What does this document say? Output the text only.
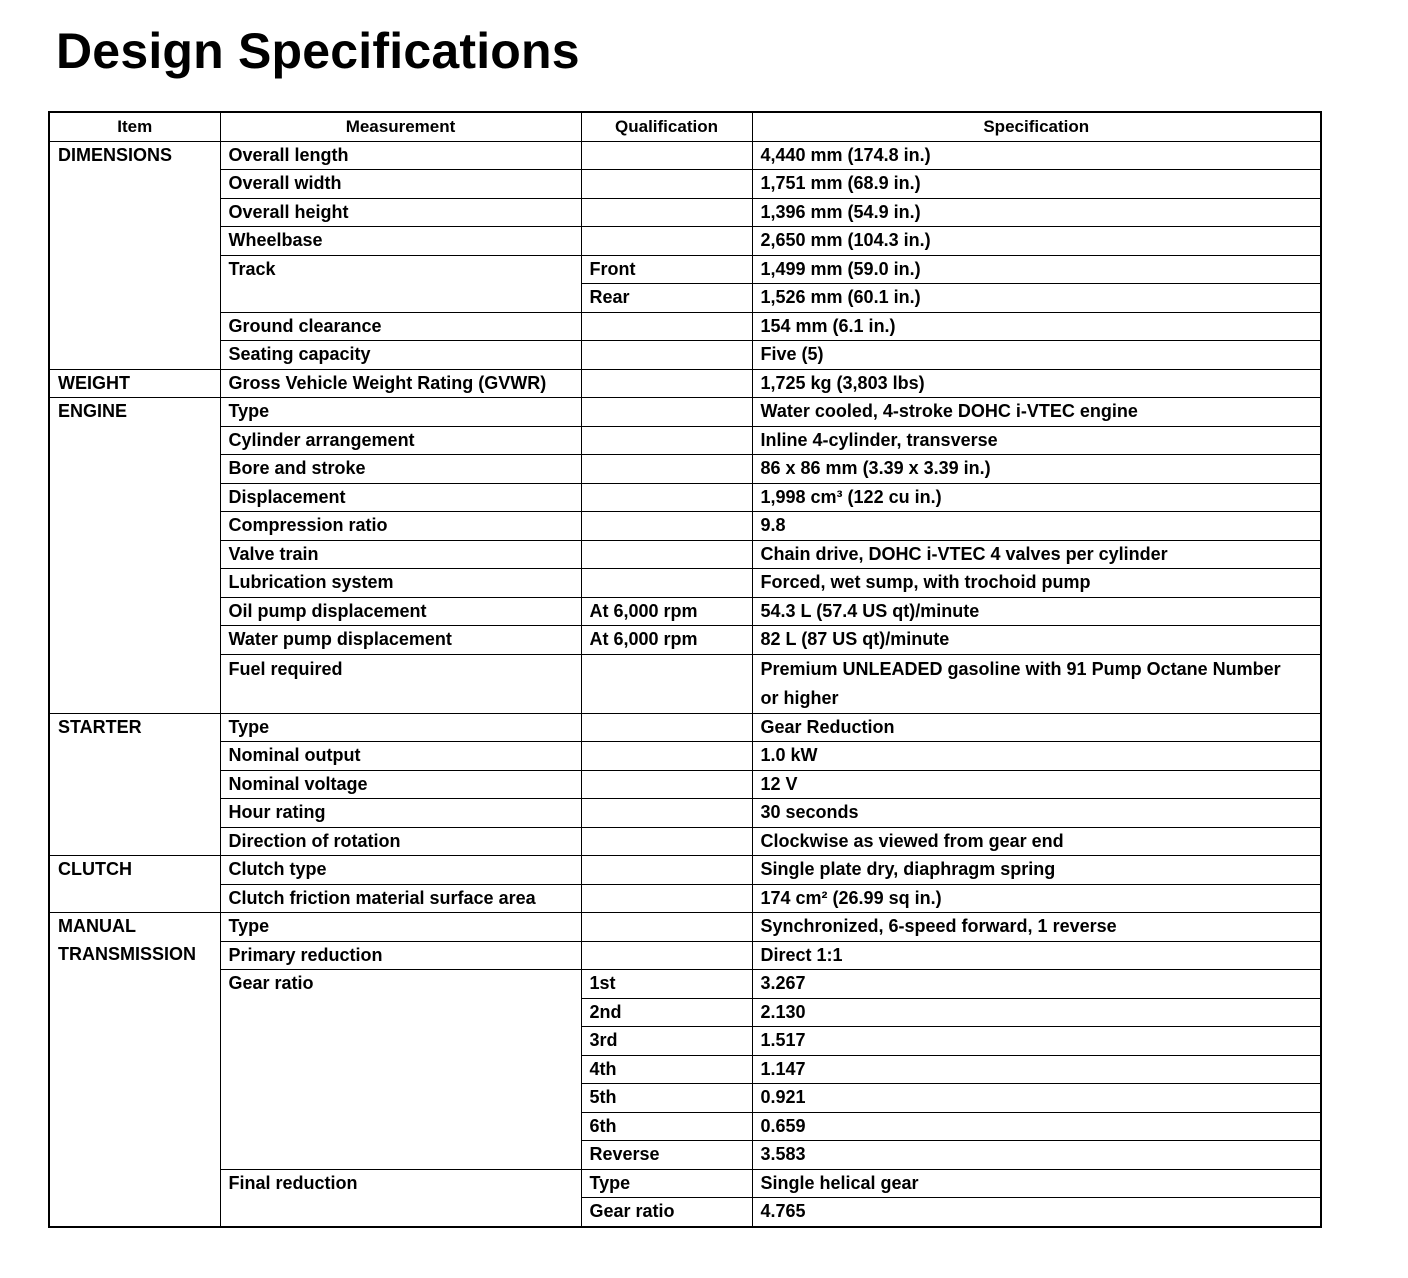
Design Specifications
Item	Measurement	Qualification	Specification
DIMENSIONS	Overall length		4,440 mm (174.8 in.)
	Overall width		1,751 mm (68.9 in.)
	Overall height		1,396 mm (54.9 in.)
	Wheelbase		2,650 mm (104.3 in.)
	Track	Front	1,499 mm (59.0 in.)
		Rear	1,526 mm (60.1 in.)
	Ground clearance		154 mm (6.1 in.)
	Seating capacity		Five (5)
WEIGHT	Gross Vehicle Weight Rating (GVWR)		1,725 kg (3,803 lbs)
ENGINE	Type		Water cooled, 4-stroke DOHC i-VTEC engine
	Cylinder arrangement		Inline 4-cylinder, transverse
	Bore and stroke		86 x 86 mm (3.39 x 3.39 in.)
	Displacement		1,998 cm³ (122 cu in.)
	Compression ratio		9.8
	Valve train		Chain drive, DOHC i-VTEC 4 valves per cylinder
	Lubrication system		Forced, wet sump, with trochoid pump
	Oil pump displacement	At 6,000 rpm	54.3 L (57.4 US qt)/minute
	Water pump displacement	At 6,000 rpm	82 L (87 US qt)/minute
	Fuel required		Premium UNLEADED gasoline with 91 Pump Octane Number
or higher

STARTER	Type		Gear Reduction
	Nominal output		1.0 kW
	Nominal voltage		12 V
	Hour rating		30 seconds
	Direction of rotation		Clockwise as viewed from gear end
CLUTCH	Clutch type		Single plate dry, diaphragm spring
	Clutch friction material surface area		174 cm² (26.99 sq in.)
MANUAL	Type		Synchronized, 6-speed forward, 1 reverse
TRANSMISSION	Primary reduction		Direct 1:1
	Gear ratio	1st	3.267
		2nd	2.130
		3rd	1.517
		4th	1.147
		5th	0.921
		6th	0.659
		Reverse	3.583
	Final reduction	Type	Single helical gear
		Gear ratio	4.765
